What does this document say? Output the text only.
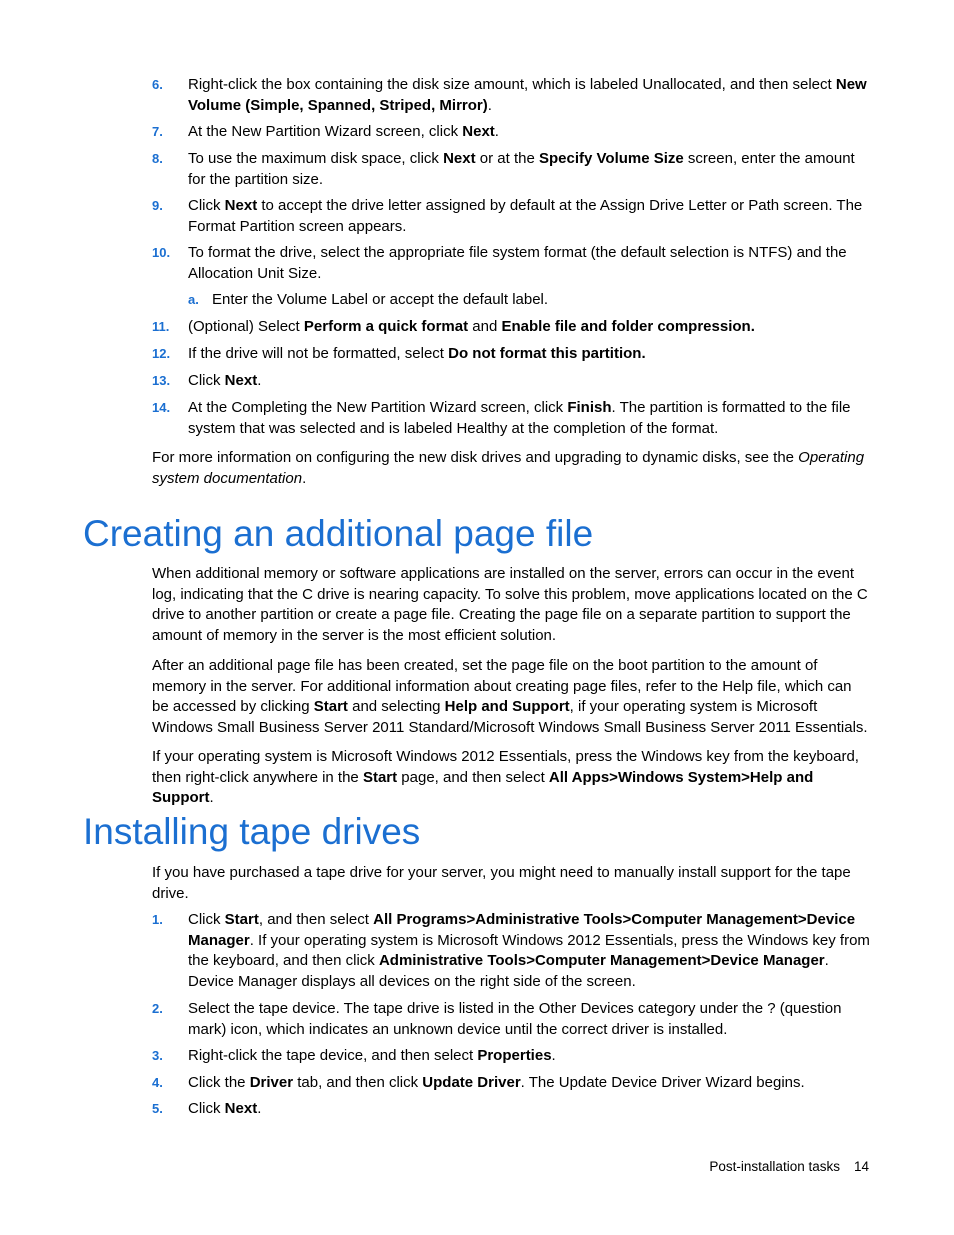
6. Right-click the box containing the disk size amount, which is labeled Unallocated, and then select New Volume (Simple, Spanned, Striped, Mirror).
7. At the New Partition Wizard screen, click Next.
8. To use the maximum disk space, click Next or at the Specify Volume Size screen, enter the amount for the partition size.
9. Click Next to accept the drive letter assigned by default at the Assign Drive Letter or Path screen. The Format Partition screen appears.
10. To format the drive, select the appropriate file system format (the default selection is NTFS) and the Allocation Unit Size.
a. Enter the Volume Label or accept the default label.
11. (Optional) Select Perform a quick format and Enable file and folder compression.
12. If the drive will not be formatted, select Do not format this partition.
13. Click Next.
14. At the Completing the New Partition Wizard screen, click Finish. The partition is formatted to the file system that was selected and is labeled Healthy at the completion of the format.
For more information on configuring the new disk drives and upgrading to dynamic disks, see the Operating system documentation.
Creating an additional page file
When additional memory or software applications are installed on the server, errors can occur in the event log, indicating that the C drive is nearing capacity. To solve this problem, move applications located on the C drive to another partition or create a page file. Creating the page file on a separate partition to support the amount of memory in the server is the most efficient solution.
After an additional page file has been created, set the page file on the boot partition to the amount of memory in the server. For additional information about creating page files, refer to the Help file, which can be accessed by clicking Start and selecting Help and Support, if your operating system is Microsoft Windows Small Business Server 2011 Standard/Microsoft Windows Small Business Server 2011 Essentials.
If your operating system is Microsoft Windows 2012 Essentials, press the Windows key from the keyboard, then right-click anywhere in the Start page, and then select All Apps>Windows System>Help and Support.
Installing tape drives
If you have purchased a tape drive for your server, you might need to manually install support for the tape drive.
1. Click Start, and then select All Programs>Administrative Tools>Computer Management>Device Manager. If your operating system is Microsoft Windows 2012 Essentials, press the Windows key from the keyboard, and then click Administrative Tools>Computer Management>Device Manager. Device Manager displays all devices on the right side of the screen.
2. Select the tape device. The tape drive is listed in the Other Devices category under the ? (question mark) icon, which indicates an unknown device until the correct driver is installed.
3. Right-click the tape device, and then select Properties.
4. Click the Driver tab, and then click Update Driver. The Update Device Driver Wizard begins.
5. Click Next.
Post-installation tasks 14
